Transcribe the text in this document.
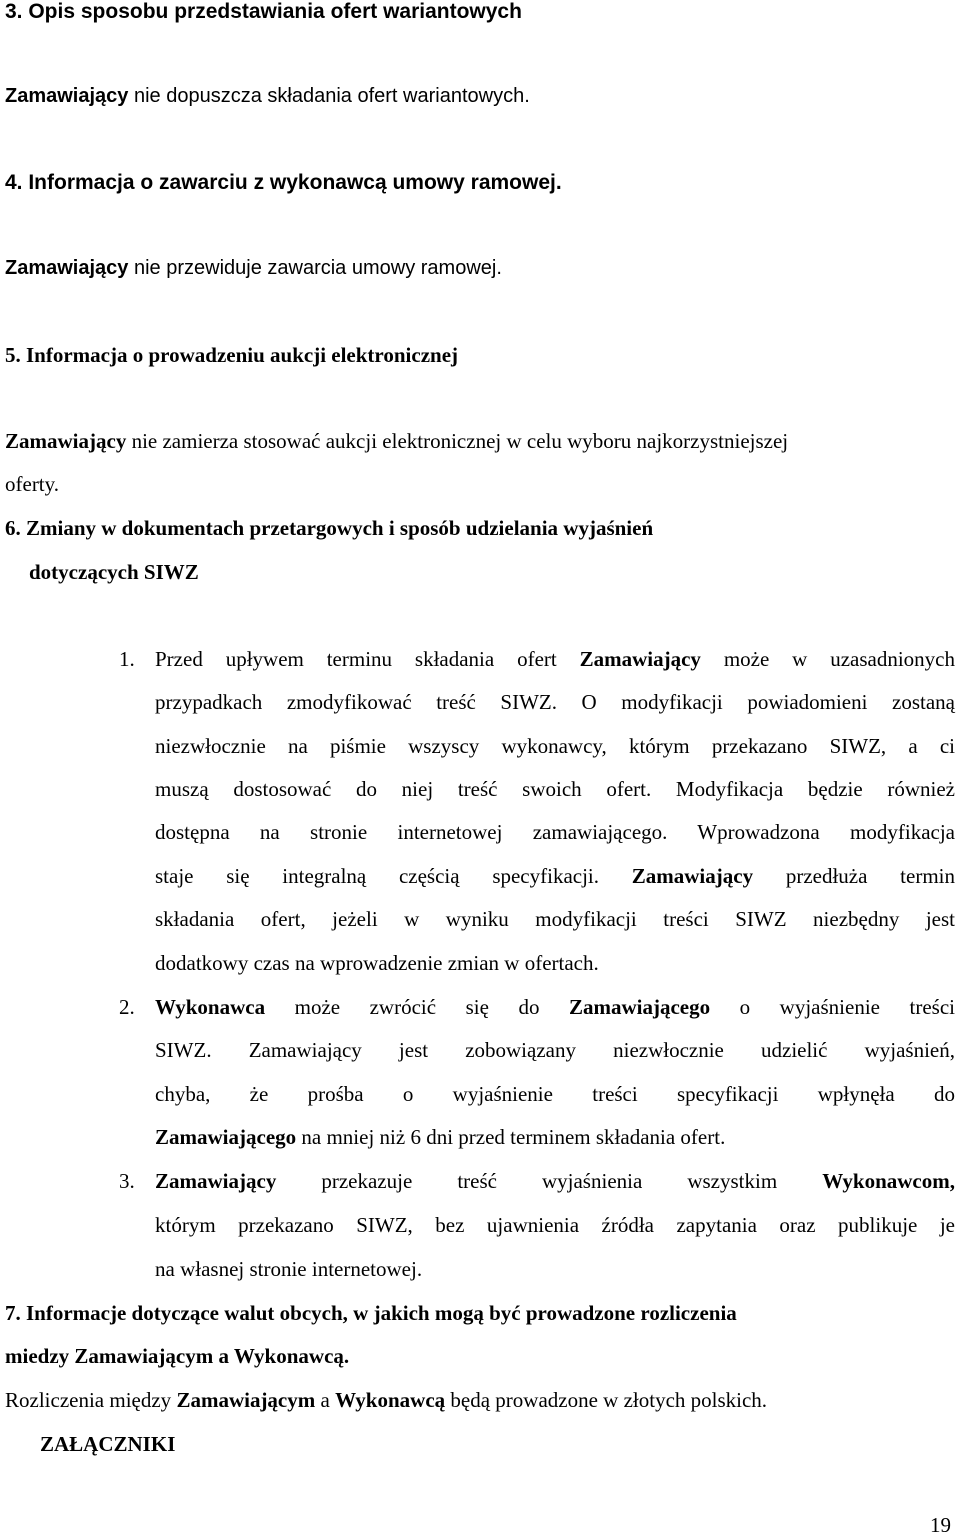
3. Opis sposobu przedstawiania ofert wariantowych
Zamawiający nie dopuszcza składania ofert wariantowych.
4. Informacja o zawarciu z wykonawcą umowy ramowej.
Zamawiający nie przewiduje zawarcia umowy ramowej.
5. Informacja o prowadzeniu aukcji elektronicznej
Zamawiający nie zamierza stosować aukcji elektronicznej w celu wyboru najkorzystniejszej
oferty.
6. Zmiany w dokumentach przetargowych i sposób udzielania wyjaśnień
dotyczących SIWZ
1. Przed upływem terminu składania ofert Zamawiający może w uzasadnionych
przypadkach zmodyfikować treść SIWZ. O modyfikacji powiadomieni zostaną
niezwłocznie na piśmie wszyscy wykonawcy, którym przekazano SIWZ, a ci
muszą dostosować do niej treść swoich ofert. Modyfikacja będzie również
dostępna na stronie internetowej zamawiającego. Wprowadzona modyfikacja
staje się integralną częścią specyfikacji. Zamawiający przedłuża termin
składania ofert, jeżeli w wyniku modyfikacji treści SIWZ niezbędny jest
dodatkowy czas na wprowadzenie zmian w ofertach.
2. Wykonawca może zwrócić się do Zamawiającego o wyjaśnienie treści
SIWZ. Zamawiający jest zobowiązany niezwłocznie udzielić wyjaśnień,
chyba, że prośba o wyjaśnienie treści specyfikacji wpłynęła do
Zamawiającego na mniej niż 6 dni przed terminem składania ofert.
3. Zamawiający przekazuje treść wyjaśnienia wszystkim Wykonawcom,
którym przekazano SIWZ, bez ujawnienia źródła zapytania oraz publikuje je
na własnej stronie internetowej.
7. Informacje dotyczące walut obcych, w jakich mogą być prowadzone rozliczenia
miedzy Zamawiającym a Wykonawcą.
Rozliczenia między Zamawiającym a Wykonawcą będą prowadzone w złotych polskich.
ZAŁĄCZNIKI
19
